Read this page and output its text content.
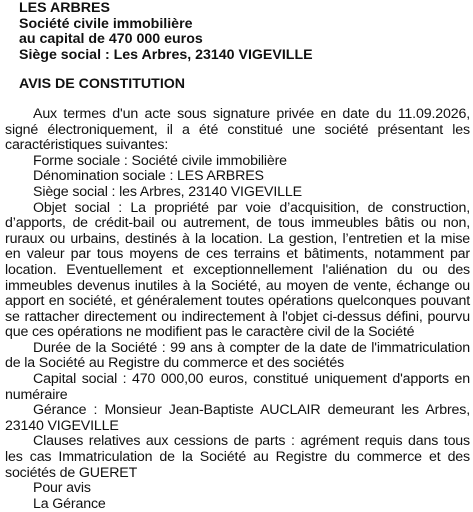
LES ARBRES
Société civile immobilière
au capital de 470 000 euros
Siège social : Les Arbres, 23140 VIGEVILLE
AVIS DE CONSTITUTION
Aux termes d'un acte sous signature privée en date du 11.09.2026, signé électroniquement, il a été constitué une société présentant les caractéristiques suivantes:
Forme sociale : Société civile immobilière
Dénomination sociale : LES ARBRES
Siège social : les Arbres, 23140 VIGEVILLE
Objet social : La propriété par voie d’acquisition, de construction, d’apports, de crédit-bail ou autrement, de tous immeubles bâtis ou non, ruraux ou urbains, destinés à la location. La gestion, l’entretien et la mise en valeur par tous moyens de ces terrains et bâtiments, notamment par location. Eventuellement et exceptionnellement l'aliénation du ou des immeubles devenus inutiles à la Société, au moyen de vente, échange ou apport en société, et généralement toutes opérations quelconques pouvant se rattacher directement ou indirectement à l'objet ci-dessus défini, pourvu que ces opérations ne modifient pas le caractère civil de la Société
Durée de la Société : 99 ans à compter de la date de l'immatriculation de la Société au Registre du commerce et des sociétés
Capital social : 470 000,00 euros, constitué uniquement d'apports en numéraire
Gérance : Monsieur Jean-Baptiste AUCLAIR demeurant les Arbres, 23140 VIGEVILLE
Clauses relatives aux cessions de parts : agrément requis dans tous les cas Immatriculation de la Société au Registre du commerce et des sociétés de GUERET
Pour avis
La Gérance
